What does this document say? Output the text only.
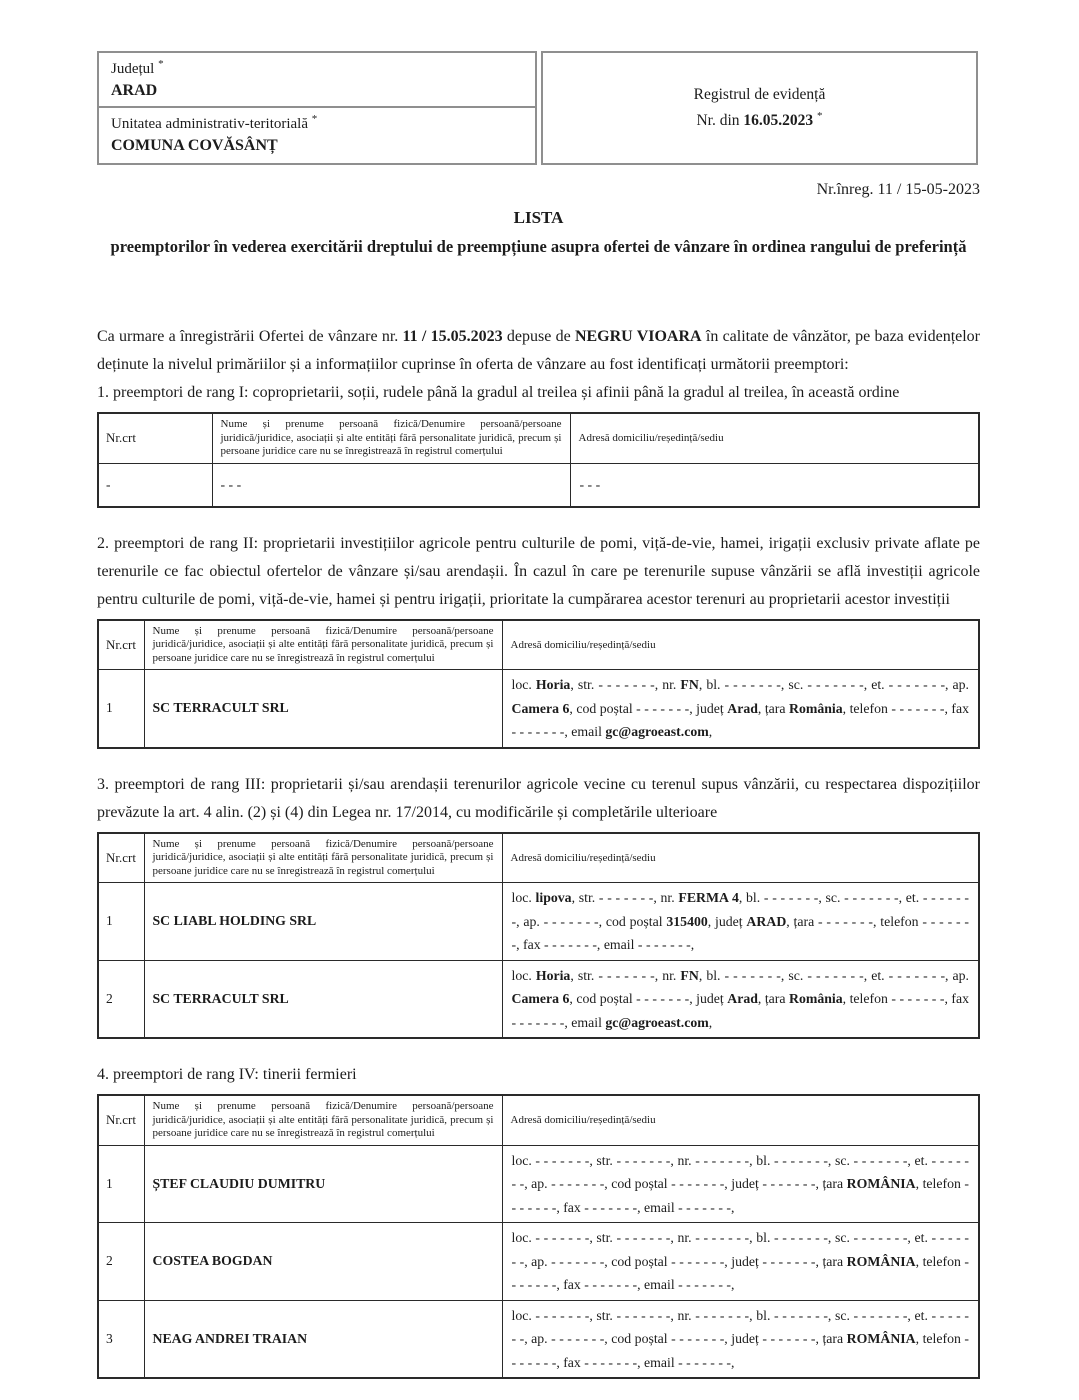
Județul *
ARAD
Unitatea administrativ-teritorială *
COMUNA COVĂSÂNȚ
Registrul de evidență
Nr. din 16.05.2023 *
Nr.înreg. 11 / 15-05-2023
LISTA
preemptorilor în vederea exercitării dreptului de preempțiune asupra ofertei de vânzare în ordinea rangului de preferință

Ca urmare a înregistrării Ofertei de vânzare nr. 11 / 15.05.2023 depuse de NEGRU VIOARA în calitate de vânzător, pe baza evidențelor deținute la nivelul primăriilor și a informațiilor cuprinse în oferta de vânzare au fost identificați următorii preemptori:

1. preemptori de rang I: coproprietarii, soții, rudele până la gradul al treilea și afinii până la gradul al treilea, în această ordine

Nr.crt	Nume și prenume persoană fizică/Denumire persoană/persoane juridică/juridice, asociații și alte entități fără personalitate juridică, precum și persoane juridice care nu se înregistrează în registrul comerțului	Adresă domiciliu/reședință/sediu
-	- - -	- - -

2. preemptori de rang II: proprietarii investițiilor agricole pentru culturile de pomi, viță-de-vie, hamei, irigații exclusiv private aflate pe terenurile ce fac obiectul ofertelor de vânzare și/sau arendașii. În cazul în care pe terenurile supuse vânzării se află investiții agricole pentru culturile de pomi, viță-de-vie, hamei și pentru irigații, prioritate la cumpărarea acestor terenuri au proprietarii acestor investiții

Nr.crt	Nume și prenume persoană fizică/Denumire persoană/persoane juridică/juridice, asociații și alte entități fără personalitate juridică, precum și persoane juridice care nu se înregistrează în registrul comerțului	Adresă domiciliu/reședință/sediu
1	SC TERRACULT SRL	loc. Horia, str. - - - - - - -, nr. FN, bl. - - - - - - -, sc. - - - - - - -, et. - - - - - - -, ap. Camera 6, cod poștal - - - - - - -, județ Arad, țara România, telefon - - - - - - -, fax - - - - - - -, email gc@agroeast.com,

3. preemptori de rang III: proprietarii și/sau arendașii terenurilor agricole vecine cu terenul supus vânzării, cu respectarea dispozițiilor prevăzute la art. 4 alin. (2) și (4) din Legea nr. 17/2014, cu modificările și completările ulterioare

Nr.crt	Nume și prenume persoană fizică/Denumire persoană/persoane juridică/juridice, asociații și alte entități fără personalitate juridică, precum și persoane juridice care nu se înregistrează în registrul comerțului	Adresă domiciliu/reședință/sediu
1	SC LIABL HOLDING SRL	loc. lipova, str. - - - - - - -, nr. FERMA 4, bl. - - - - - - -, sc. - - - - - - -, et. - - - - - - -, ap. - - - - - - -, cod poștal 315400, județ ARAD, țara - - - - - - -, telefon - - - - - - -, fax - - - - - - -, email - - - - - - -,
2	SC TERRACULT SRL	loc. Horia, str. - - - - - - -, nr. FN, bl. - - - - - - -, sc. - - - - - - -, et. - - - - - - -, ap. Camera 6, cod poștal - - - - - - -, județ Arad, țara România, telefon - - - - - - -, fax - - - - - - -, email gc@agroeast.com,

4. preemptori de rang IV: tinerii fermieri

Nr.crt	Nume și prenume persoană fizică/Denumire persoană/persoane juridică/juridice, asociații și alte entități fără personalitate juridică, precum și persoane juridice care nu se înregistrează în registrul comerțului	Adresă domiciliu/reședință/sediu
1	ȘTEF CLAUDIU DUMITRU	loc. - - - - - - -, str. - - - - - - -, nr. - - - - - - -, bl. - - - - - - -, sc. - - - - - - -, et. - - - - - - -, ap. - - - - - - -, cod poștal - - - - - - -, județ - - - - - - -, țara ROMÂNIA, telefon - - - - - - -, fax - - - - - - -, email - - - - - - -,
2	COSTEA BOGDAN	loc. - - - - - - -, str. - - - - - - -, nr. - - - - - - -, bl. - - - - - - -, sc. - - - - - - -, et. - - - - - - -, ap. - - - - - - -, cod poștal - - - - - - -, județ - - - - - - -, țara ROMÂNIA, telefon - - - - - - -, fax - - - - - - -, email - - - - - - -,
3	NEAG ANDREI TRAIAN	loc. - - - - - - -, str. - - - - - - -, nr. - - - - - - -, bl. - - - - - - -, sc. - - - - - - -, et. - - - - - - -, ap. - - - - - - -, cod poștal - - - - - - -, județ - - - - - - -, țara ROMÂNIA, telefon - - - - - - -, fax - - - - - - -, email - - - - - - -,
